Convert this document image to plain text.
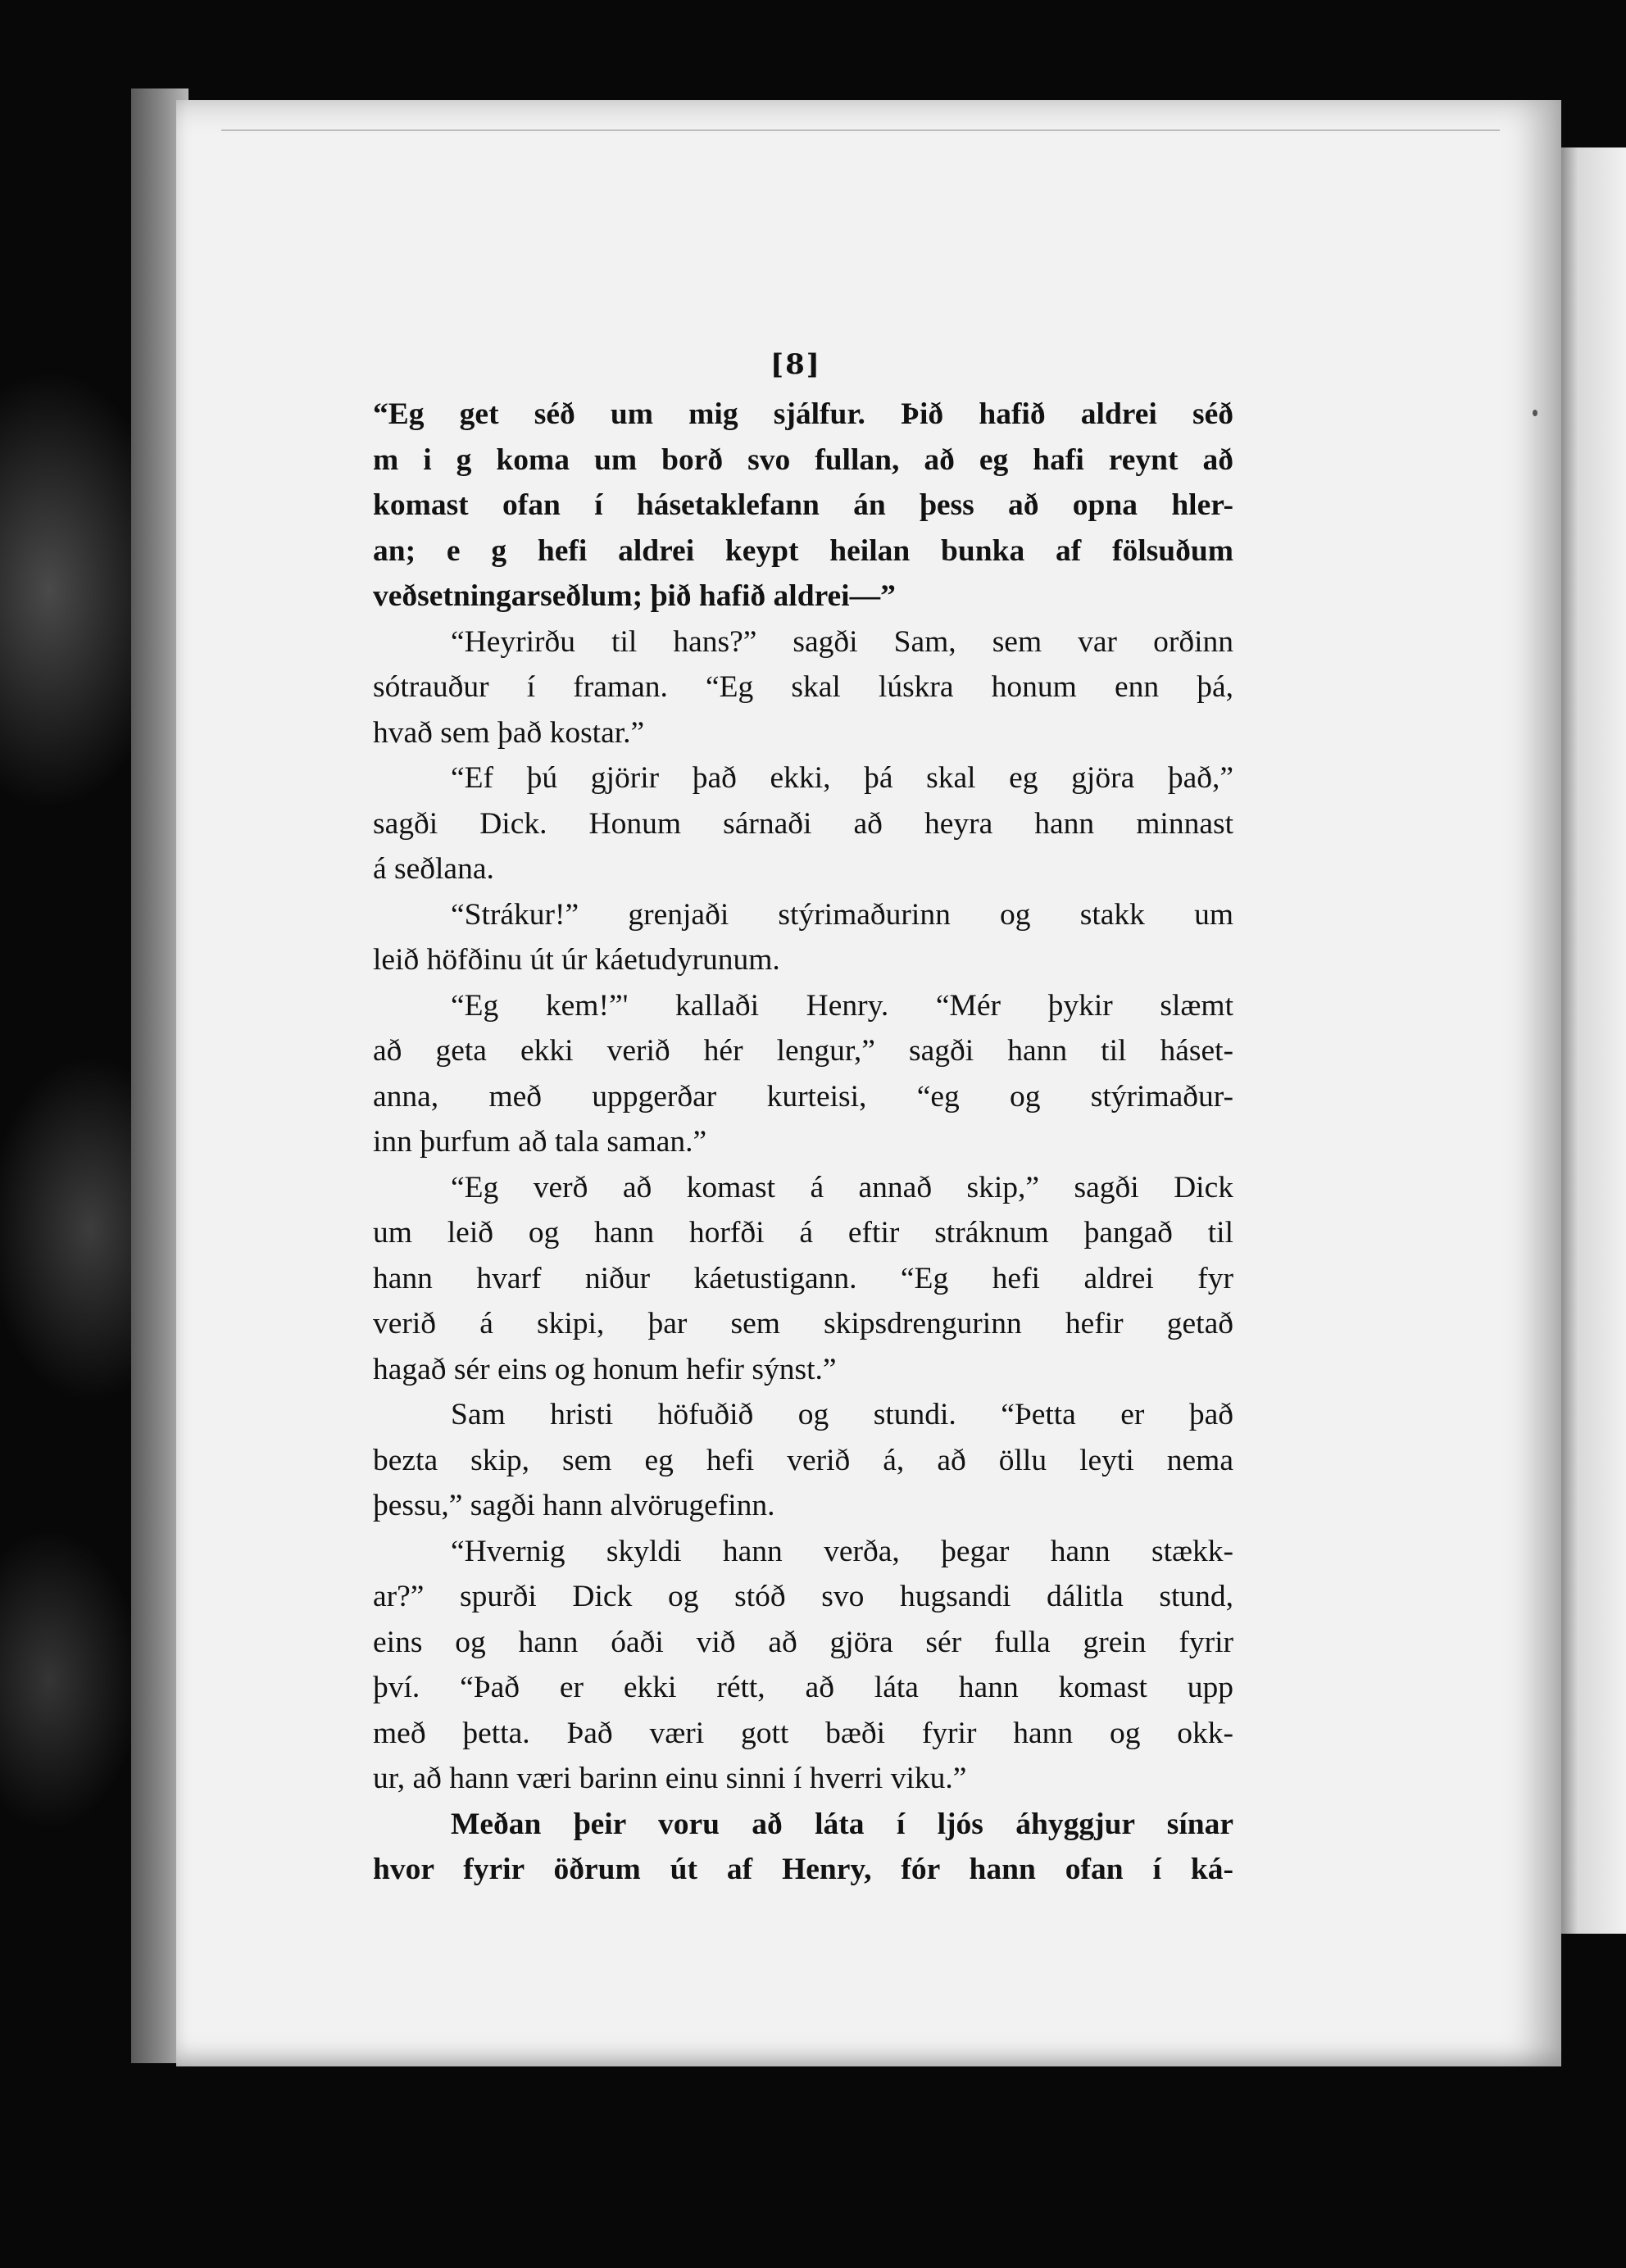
[8]
“Eg get séð um mig sjálfur. Þið hafið aldrei séð
m i g koma um borð svo fullan, að eg hafi reynt að
komast ofan í hásetaklefann án þess að opna hler-
an; e g hefi aldrei keypt heilan bunka af fölsuðum
veðsetningarseðlum; þið hafið aldrei—”
“Heyrirðu til hans?” sagði Sam, sem var orðinn
sótrauður í framan. “Eg skal lúskra honum enn þá,
hvað sem það kostar.”
“Ef þú gjörir það ekki, þá skal eg gjöra það,”
sagði Dick. Honum sárnaði að heyra hann minnast
á seðlana.
“Strákur!” grenjaði stýrimaðurinn og stakk um
leið höfðinu út úr káetudyrunum.
“Eg kem!”' kallaði Henry. “Mér þykir slæmt
að geta ekki verið hér lengur,” sagði hann til háset-
anna, með uppgerðar kurteisi, “eg og stýrimaður-
inn þurfum að tala saman.”
“Eg verð að komast á annað skip,” sagði Dick
um leið og hann horfði á eftir stráknum þangað til
hann hvarf niður káetustigann. “Eg hefi aldrei fyr
verið á skipi, þar sem skipsdrengurinn hefir getað
hagað sér eins og honum hefir sýnst.”
Sam hristi höfuðið og stundi. “Þetta er það
bezta skip, sem eg hefi verið á, að öllu leyti nema
þessu,” sagði hann alvörugefinn.
“Hvernig skyldi hann verða, þegar hann stækk-
ar?” spurði Dick og stóð svo hugsandi dálitla stund,
eins og hann óaði við að gjöra sér fulla grein fyrir
því. “Það er ekki rétt, að láta hann komast upp
með þetta. Það væri gott bæði fyrir hann og okk-
ur, að hann væri barinn einu sinni í hverri viku.”
Meðan þeir voru að láta í ljós áhyggjur sínar
hvor fyrir öðrum út af Henry, fór hann ofan í ká-
